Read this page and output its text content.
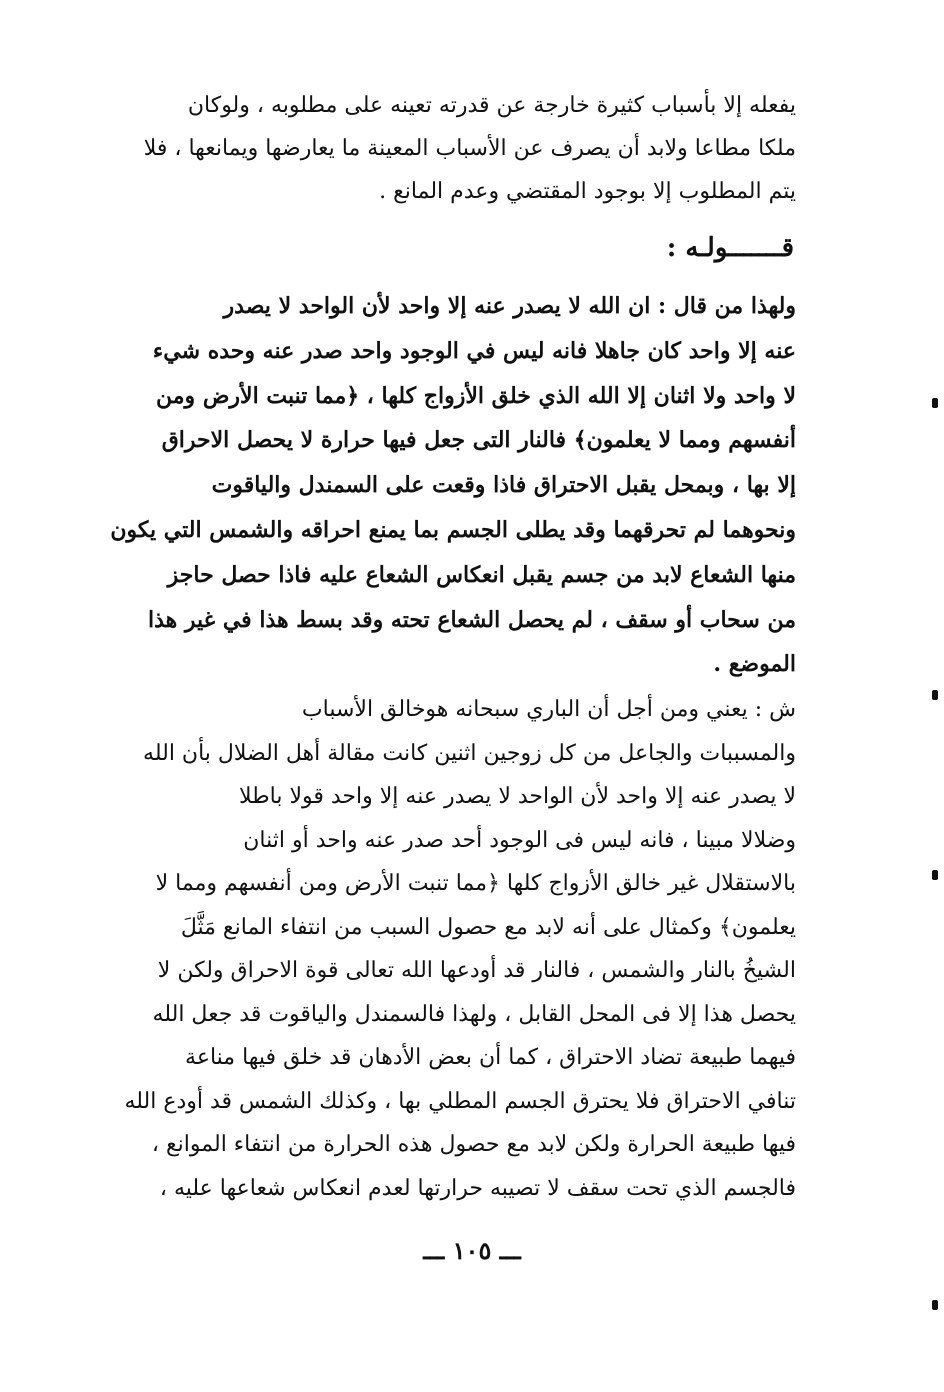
يفعله إلا بأسباب كثيرة خارجة عن قدرته تعينه على مطلوبه ، ولوكان
ملكا مطاعا ولابد أن يصرف عن الأسباب المعينة ما يعارضها ويمانعها ، فلا
يتم المطلوب إلا بوجود المقتضي وعدم المانع .
قـــــــولـه :
ولهذا من قال : ان الله لا يصدر عنه إلا واحد لأن الواحد لا يصدر
عنه إلا واحد كان جاهلا فانه ليس في الوجود واحد صدر عنه وحده شيء
لا واحد ولا اثنان إلا الله الذي خلق الأزواج كلها ، ﴿مما تنبت الأرض ومن
أنفسهم ومما لا يعلمون﴾ فالنار التى جعل فيها حرارة لا يحصل الاحراق
إلا بها ، وبمحل يقبل الاحتراق فاذا وقعت على السمندل والياقوت
ونحوهما لم تحرقهما وقد يطلى الجسم بما يمنع احراقه والشمس التي يكون
منها الشعاع لابد من جسم يقبل انعكاس الشعاع عليه فاذا حصل حاجز
من سحاب أو سقف ، لم يحصل الشعاع تحته وقد بسط هذا في غير هذا
الموضع .
ش : يعني ومن أجل أن الباري سبحانه هوخالق الأسباب
والمسببات والجاعل من كل زوجين اثنين كانت مقالة أهل الضلال بأن الله
لا يصدر عنه إلا واحد لأن الواحد لا يصدر عنه إلا واحد قولا باطلا
وضلالا مبينا ، فانه ليس فى الوجود أحد صدر عنه واحد أو اثنان
بالاستقلال غير خالق الأزواج كلها ﴿مما تنبت الأرض ومن أنفسهم ومما لا
يعلمون﴾ وكمثال على أنه لابد مع حصول السبب من انتفاء المانع مَثَّلَ
الشيخُ بالنار والشمس ، فالنار قد أودعها الله تعالى قوة الاحراق ولكن لا
يحصل هذا إلا فى المحل القابل ، ولهذا فالسمندل والياقوت قد جعل الله
فيهما طبيعة تضاد الاحتراق ، كما أن بعض الأدهان قد خلق فيها مناعة
تنافي الاحتراق فلا يحترق الجسم المطلي بها ، وكذلك الشمس قد أودع الله
فيها طبيعة الحرارة ولكن لابد مع حصول هذه الحرارة من انتفاء الموانع ،
فالجسم الذي تحت سقف لا تصيبه حرارتها لعدم انعكاس شعاعها عليه ،
ـــ ١٠٥ ـــ
